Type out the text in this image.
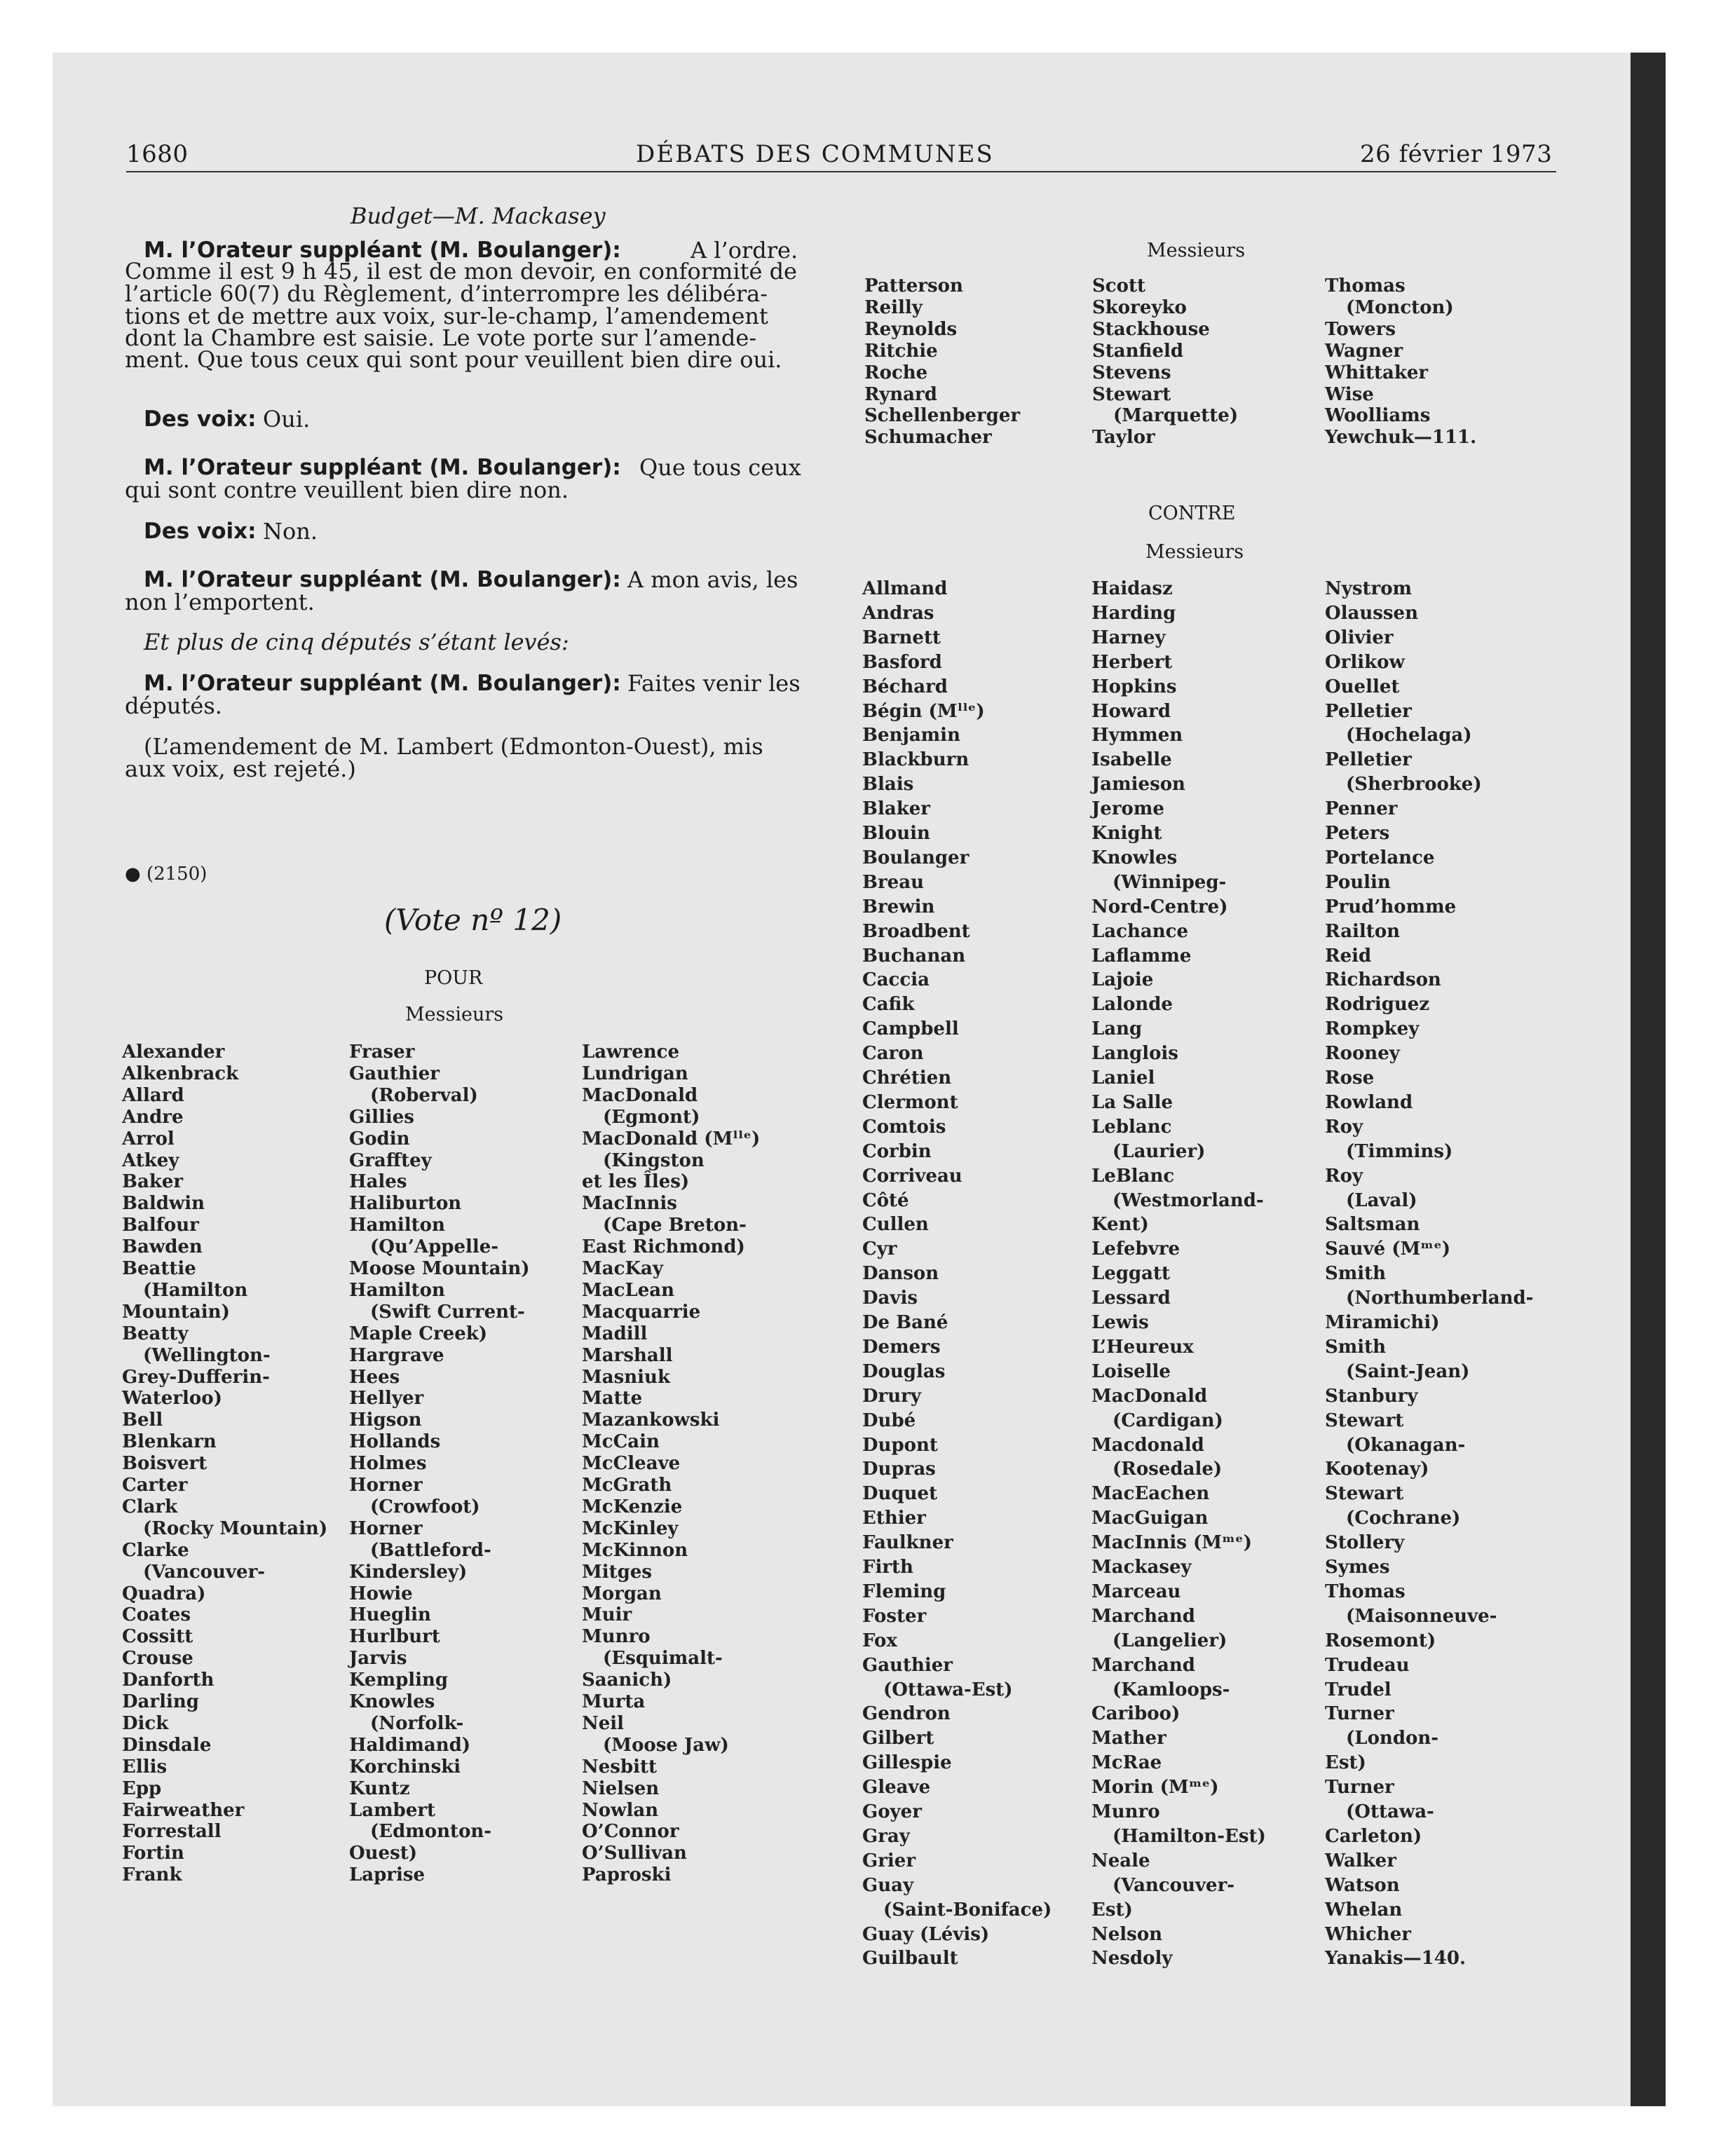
1680	DÉBATS DES COMMUNES	26 février 1973
Budget—M. Mackasey
M. l’Orateur suppléant (M. Boulanger):
Comme il est 9 h 45, il est de mon devoir, en conformité de
l’article 60(7) du Règlement, d’interrompre les délibéra-
tions et de mettre aux voix, sur-le-champ, l’amendement
dont la Chambre est saisie. Le vote porte sur l’amende-
ment. Que tous ceux qui sont pour veuillent bien dire oui.
Des voix:
M. l’Orateur suppléant (M. Boulanger):
qui sont contre veuillent bien dire non.
Des voix:
M. l’Orateur suppléant (M. Boulanger):
non l’emportent.
Et plus de cinq députés s’étant levés:
M. l’Orateur suppléant (M. Boulanger):
députés.
(L’amendement de M. Lambert (Edmonton-Ouest), mis
aux voix, est rejeté.)
A l’ordre.
Oui.
Que tous ceux
Non.
A mon avis, les
Faites venir les
● (2150)
(Vote nº 12)
POUR
Messieurs
Messieurs
CONTRE
Messieurs
Alexander
Alkenbrack
Allard
Andre
Arrol
Atkey
Baker
Baldwin
Balfour
Bawden
Beattie
(Hamilton
Mountain)
Beatty
(Wellington-
Grey-Dufferin-
Waterloo)
Bell
Blenkarn
Boisvert
Carter
Clark
(Rocky Mountain)
Clarke
(Vancouver-
Quadra)
Coates
Cossitt
Crouse
Danforth
Darling
Dick
Dinsdale
Ellis
Epp
Fairweather
Forrestall
Fortin
Frank
Fraser
Gauthier
(Roberval)
Gillies
Godin
Grafftey
Hales
Haliburton
Hamilton
(Qu’Appelle-
Moose Mountain)
Hamilton
(Swift Current-
Maple Creek)
Hargrave
Hees
Hellyer
Higson
Hollands
Holmes
Horner
(Crowfoot)
Horner
(Battleford-
Kindersley)
Howie
Hueglin
Hurlburt
Jarvis
Kempling
Knowles
(Norfolk-
Haldimand)
Korchinski
Kuntz
Lambert
(Edmonton-
Ouest)
Laprise
Lawrence
Lundrigan
MacDonald
(Egmont)
MacDonald (Mˡˡᵉ)
(Kingston
et les Îles)
MacInnis
(Cape Breton-
East Richmond)
MacKay
MacLean
Macquarrie
Madill
Marshall
Masniuk
Matte
Mazankowski
McCain
McCleave
McGrath
McKenzie
McKinley
McKinnon
Mitges
Morgan
Muir
Munro
(Esquimalt-
Saanich)
Murta
Neil
(Moose Jaw)
Nesbitt
Nielsen
Nowlan
O’Connor
O’Sullivan
Paproski
Patterson
Reilly
Reynolds
Ritchie
Roche
Rynard
Schellenberger
Schumacher
Scott
Skoreyko
Stackhouse
Stanfield
Stevens
Stewart
(Marquette)
Taylor
Thomas
(Moncton)
Towers
Wagner
Whittaker
Wise
Woolliams
Yewchuk—111.
Allmand
Andras
Barnett
Basford
Béchard
Bégin (Mˡˡᵉ)
Benjamin
Blackburn
Blais
Blaker
Blouin
Boulanger
Breau
Brewin
Broadbent
Buchanan
Caccia
Cafik
Campbell
Caron
Chrétien
Clermont
Comtois
Corbin
Corriveau
Côté
Cullen
Cyr
Danson
Davis
De Bané
Demers
Douglas
Drury
Dubé
Dupont
Dupras
Duquet
Ethier
Faulkner
Firth
Fleming
Foster
Fox
Gauthier
(Ottawa-Est)
Gendron
Gilbert
Gillespie
Gleave
Goyer
Gray
Grier
Guay
(Saint-Boniface)
Guay (Lévis)
Guilbault
Haidasz
Harding
Harney
Herbert
Hopkins
Howard
Hymmen
Isabelle
Jamieson
Jerome
Knight
Knowles
(Winnipeg-
Nord-Centre)
Lachance
Laflamme
Lajoie
Lalonde
Lang
Langlois
Laniel
La Salle
Leblanc
(Laurier)
LeBlanc
(Westmorland-
Kent)
Lefebvre
Leggatt
Lessard
Lewis
L’Heureux
Loiselle
MacDonald
(Cardigan)
Macdonald
(Rosedale)
MacEachen
MacGuigan
MacInnis (Mᵐᵉ)
Mackasey
Marceau
Marchand
(Langelier)
Marchand
(Kamloops-
Cariboo)
Mather
McRae
Morin (Mᵐᵉ)
Munro
(Hamilton-Est)
Neale
(Vancouver-
Est)
Nelson
Nesdoly
Nystrom
Olaussen
Olivier
Orlikow
Ouellet
Pelletier
(Hochelaga)
Pelletier
(Sherbrooke)
Penner
Peters
Portelance
Poulin
Prud’homme
Railton
Reid
Richardson
Rodriguez
Rompkey
Rooney
Rose
Rowland
Roy
(Timmins)
Roy
(Laval)
Saltsman
Sauvé (Mᵐᵉ)
Smith
(Northumberland-
Miramichi)
Smith
(Saint-Jean)
Stanbury
Stewart
(Okanagan-
Kootenay)
Stewart
(Cochrane)
Stollery
Symes
Thomas
(Maisonneuve-
Rosemont)
Trudeau
Trudel
Turner
(London-
Est)
Turner
(Ottawa-
Carleton)
Walker
Watson
Whelan
Whicher
Yanakis—140.
